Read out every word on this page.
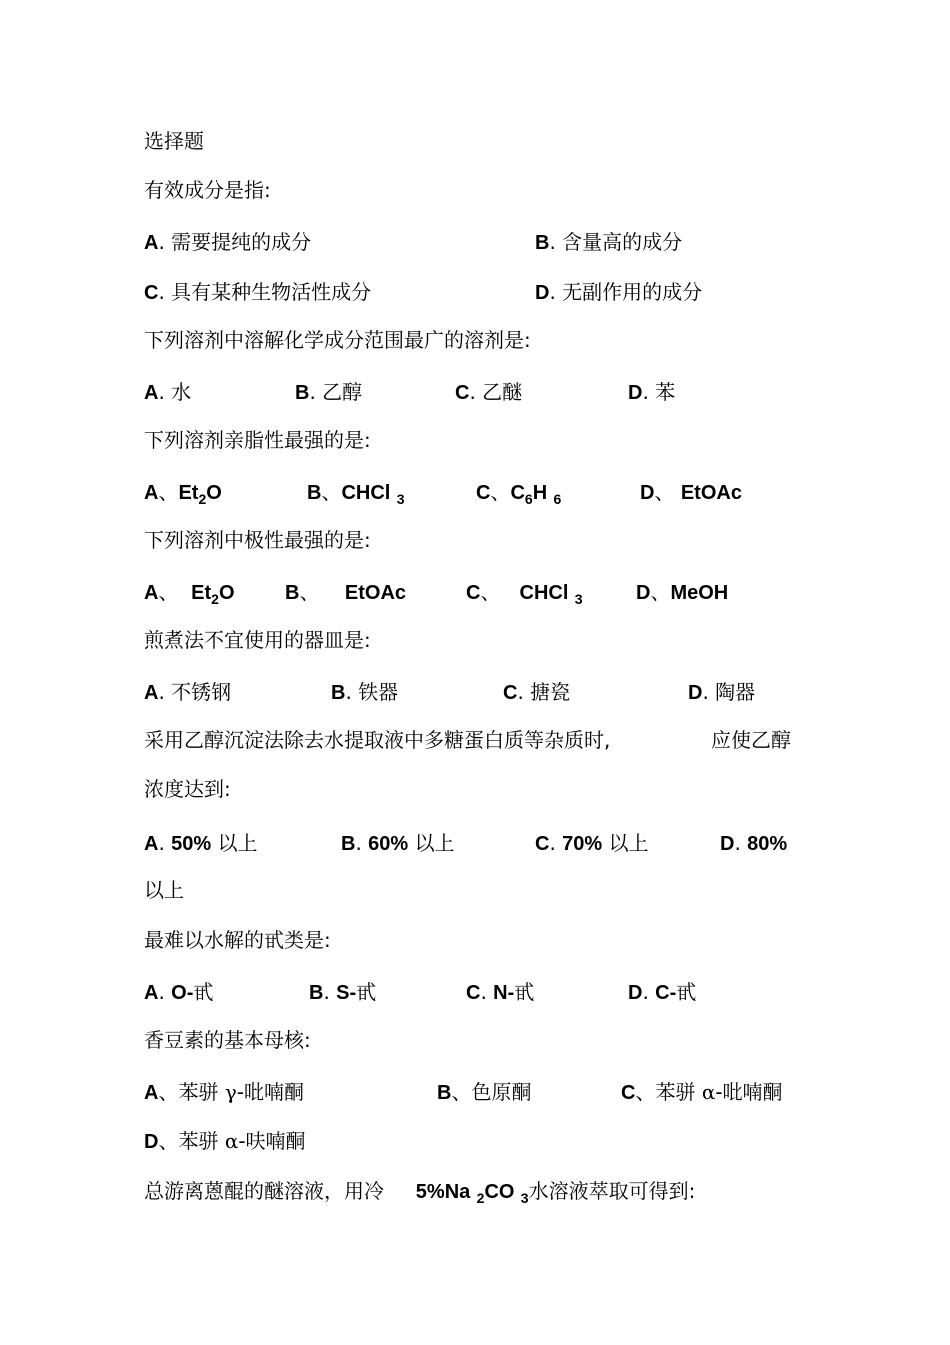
选择题
有效成分是指:
A. 需要提纯的成分	B. 含量高的成分
C. 具有某种生物活性成分	D. 无副作用的成分
下列溶剂中溶解化学成分范围最广的溶剂是:
A. 水	B. 乙醇	C. 乙醚	D. 苯
下列溶剂亲脂性最强的是:
A、$Et_2O$	B、CHCl $_3$	C、$C_6H$ $_6$	D、 EtOAc
下列溶剂中极性最强的是:
A、 $Et_2O$	B、 EtOAc	C、 CHCl $_3$	D、MeOH
煎煮法不宜使用的器皿是:
A. 不锈钢	B. 铁器	C. 搪瓷	D. 陶器
采用乙醇沉淀法除去水提取液中多糖蛋白质等杂质时,	应使乙醇
浓度达到:
A. 50% 以上	B. 60% 以上	C. 70% 以上	D. 80%
以上
最难以水解的甙类是:
A. O-甙	B. S-甙	C. N-甙	D. C-甙
香豆素的基本母核:
A、苯骈 γ-吡喃酮	B、色原酮	C、苯骈 α-吡喃酮
D、苯骈 α-呋喃酮
总游离蒽醌的醚溶液，用冷 5%Na $_2$CO $_3$水溶液萃取可得到:
